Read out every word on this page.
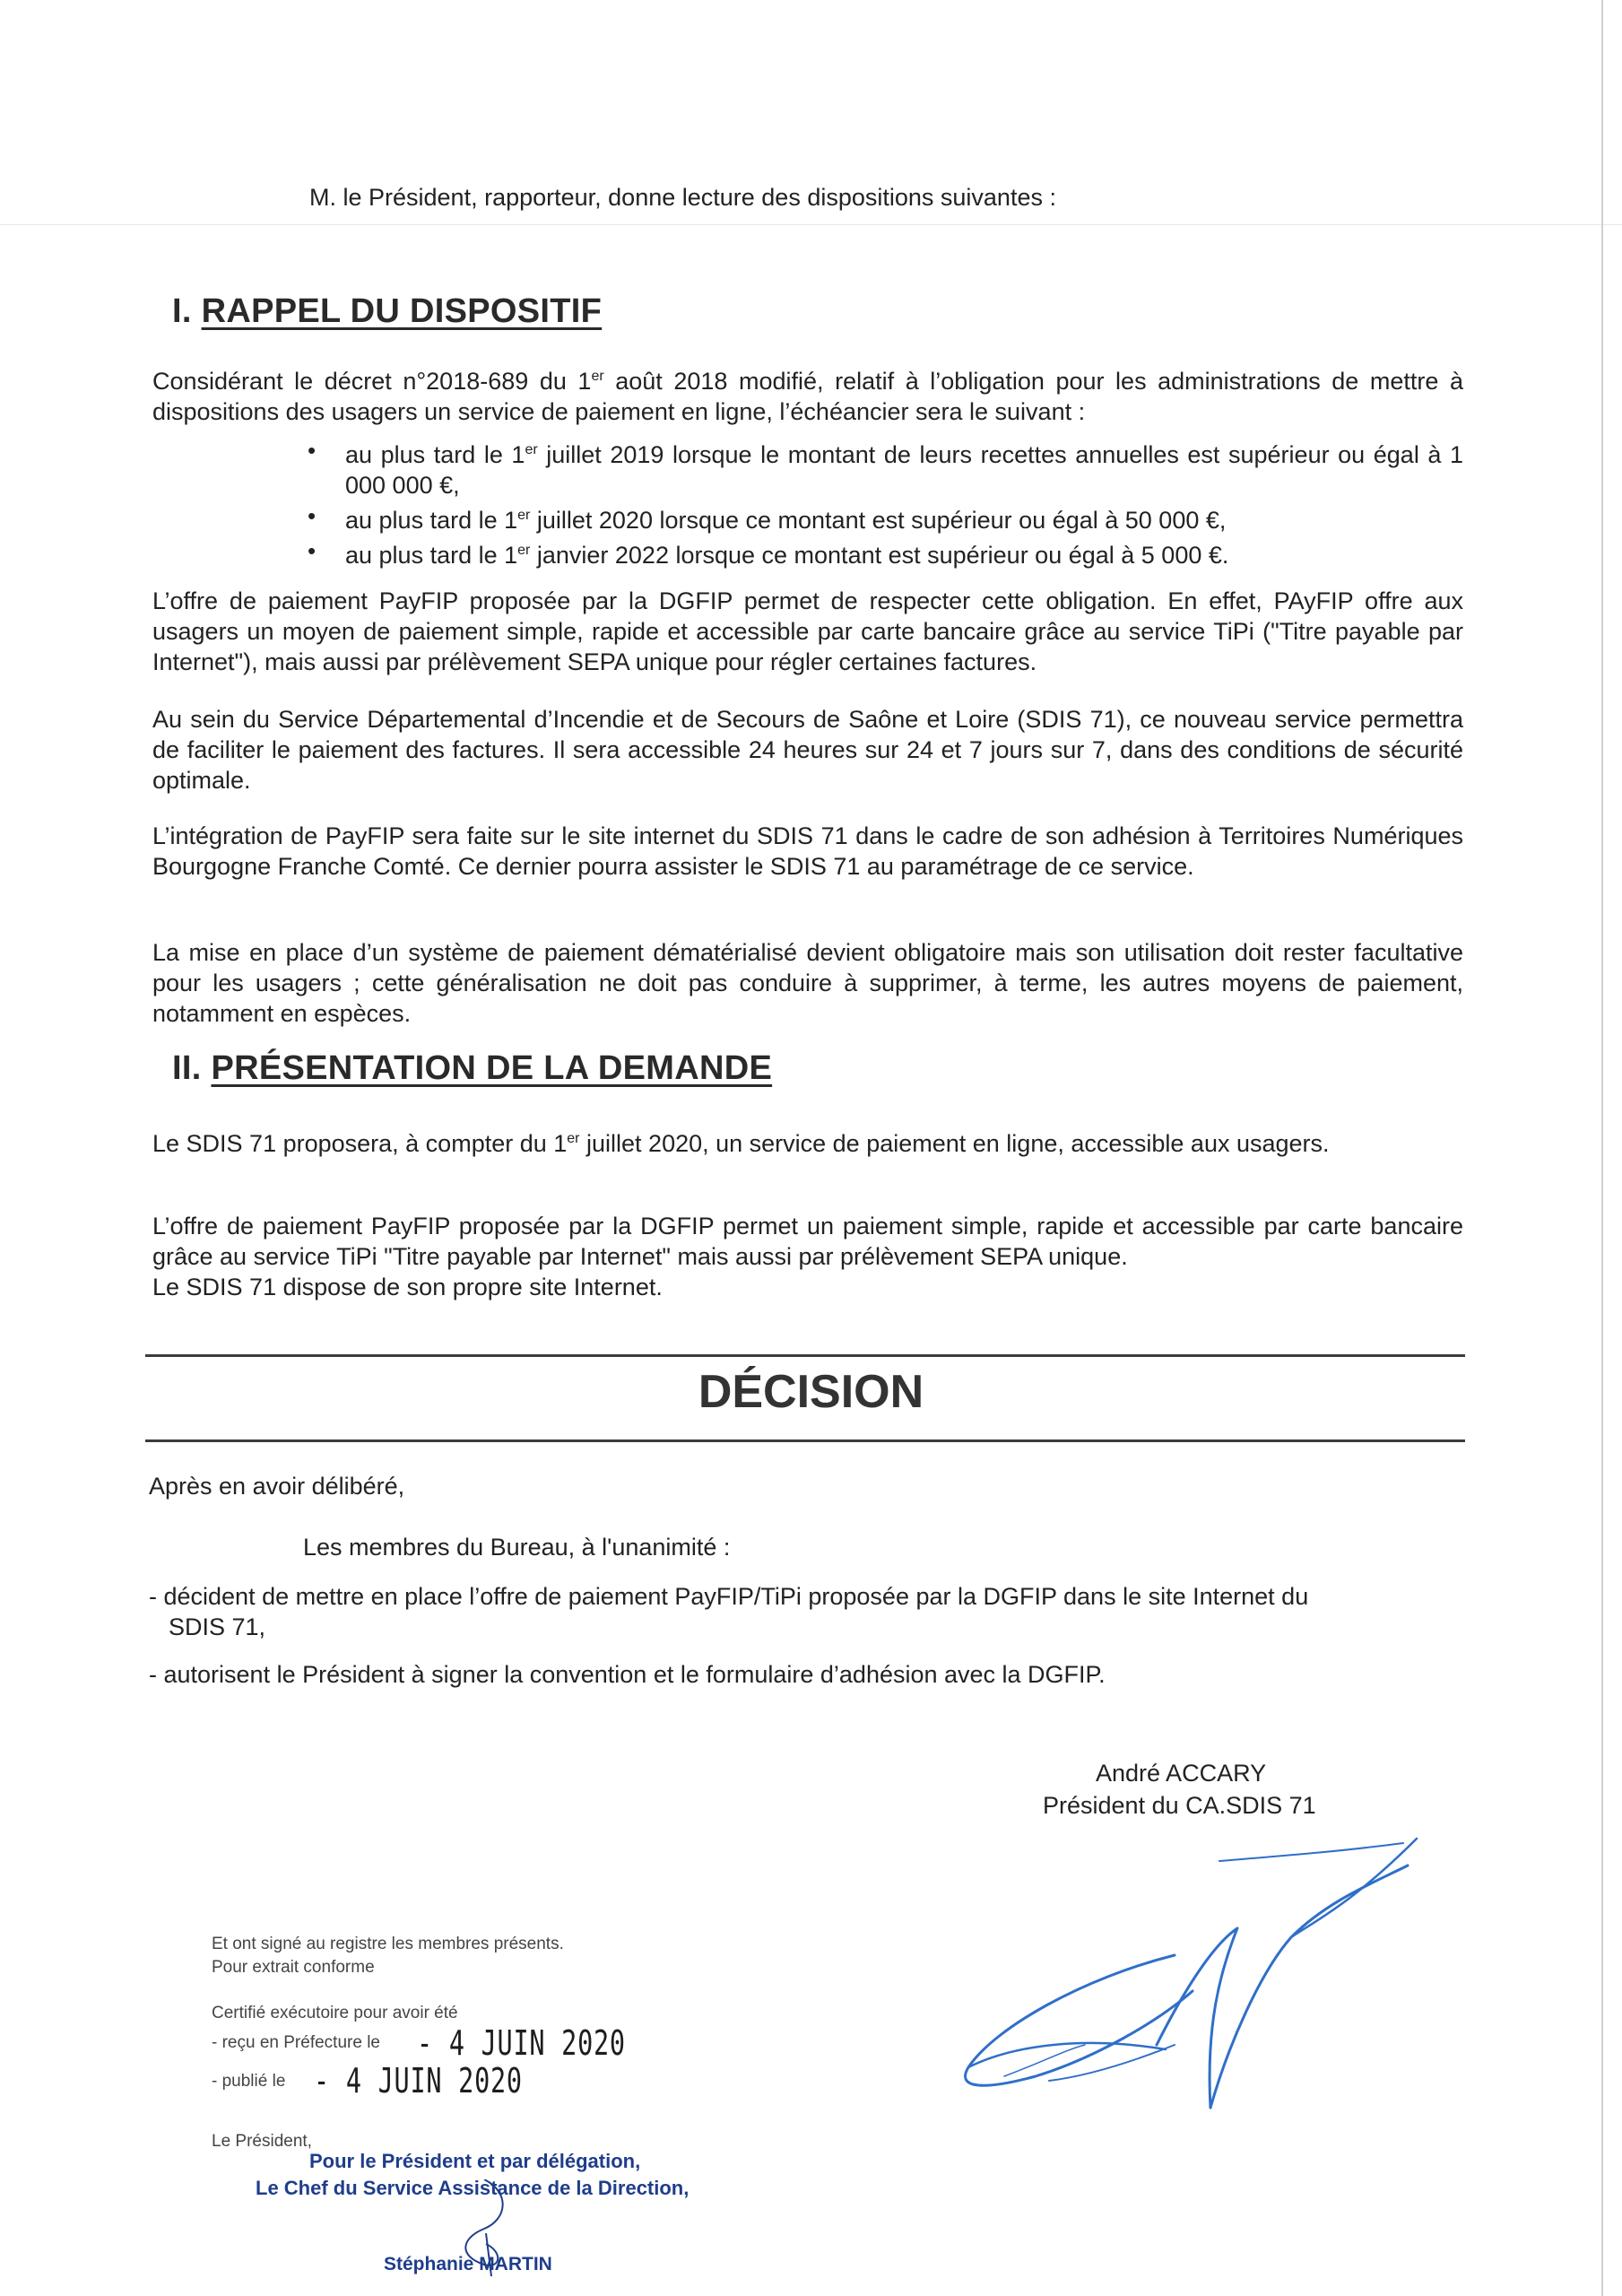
M. le Président, rapporteur, donne lecture des dispositions suivantes :
I. RAPPEL DU DISPOSITIF
Considérant le décret n°2018-689 du 1er août 2018 modifié, relatif à l’obligation pour les administrations de mettre à dispositions des usagers un service de paiement en ligne, l’échéancier sera le suivant :
• au plus tard le 1er juillet 2019 lorsque le montant de leurs recettes annuelles est supérieur ou égal à 1 000 000 €,
• au plus tard le 1er juillet 2020 lorsque ce montant est supérieur ou égal à 50 000 €,
• au plus tard le 1er janvier 2022 lorsque ce montant est supérieur ou égal à 5 000 €.
L’offre de paiement PayFIP proposée par la DGFIP permet de respecter cette obligation. En effet, PAyFIP offre aux usagers un moyen de paiement simple, rapide et accessible par carte bancaire grâce au service TiPi ("Titre payable par Internet"), mais aussi par prélèvement SEPA unique pour régler certaines factures.
Au sein du Service Départemental d’Incendie et de Secours de Saône et Loire (SDIS 71), ce nouveau service permettra de faciliter le paiement des factures. Il sera accessible 24 heures sur 24 et 7 jours sur 7, dans des conditions de sécurité optimale.
L’intégration de PayFIP sera faite sur le site internet du SDIS 71 dans le cadre de son adhésion à Territoires Numériques Bourgogne Franche Comté. Ce dernier pourra assister le SDIS 71 au paramétrage de ce service.
La mise en place d’un système de paiement dématérialisé devient obligatoire mais son utilisation doit rester facultative pour les usagers ; cette généralisation ne doit pas conduire à supprimer, à terme, les autres moyens de paiement, notamment en espèces.
II. PRÉSENTATION DE LA DEMANDE
Le SDIS 71 proposera, à compter du 1er juillet 2020, un service de paiement en ligne, accessible aux usagers.
L’offre de paiement PayFIP proposée par la DGFIP permet un paiement simple, rapide et accessible par carte bancaire grâce au service TiPi "Titre payable par Internet" mais aussi par prélèvement SEPA unique.
Le SDIS 71 dispose de son propre site Internet.
DÉCISION
Après en avoir délibéré,
Les membres du Bureau, à l'unanimité :
- décident de mettre en place l’offre de paiement PayFIP/TiPi proposée par la DGFIP dans le site Internet du
SDIS 71,
- autorisent le Président à signer la convention et le formulaire d’adhésion avec la DGFIP.
André ACCARY
Président du CA.SDIS 71
Et ont signé au registre les membres présents.
Pour extrait conforme
Certifié exécutoire pour avoir été
- reçu en Préfecture le - 4 JUIN 2020
- publié le - 4 JUIN 2020
Le Président,
Pour le Président et par délégation,
Le Chef du Service Assistance de la Direction,
Stéphanie MARTIN
